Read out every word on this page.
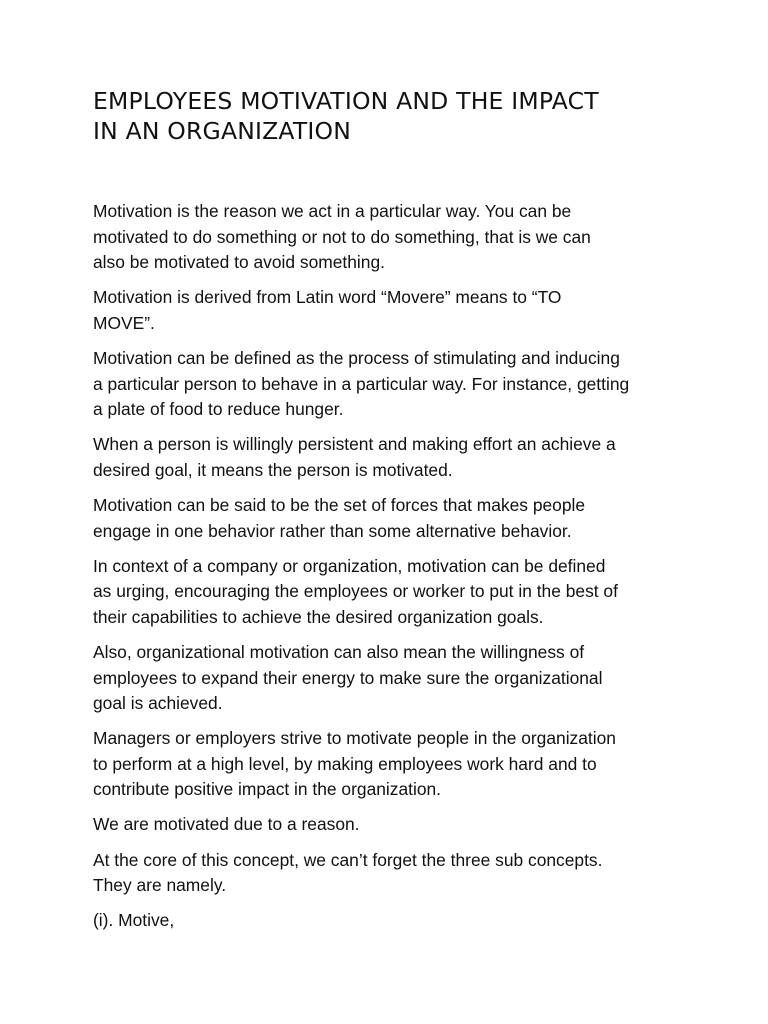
EMPLOYEES MOTIVATION AND THE IMPACT
IN AN ORGANIZATION

Motivation is the reason we act in a particular way. You can be
motivated to do something or not to do something, that is we can
also be motivated to avoid something.

Motivation is derived from Latin word “Movere” means to “TO
MOVE”.

Motivation can be defined as the process of stimulating and inducing
a particular person to behave in a particular way. For instance, getting
a plate of food to reduce hunger.

When a person is willingly persistent and making effort an achieve a
desired goal, it means the person is motivated.

Motivation can be said to be the set of forces that makes people
engage in one behavior rather than some alternative behavior.

In context of a company or organization, motivation can be defined
as urging, encouraging the employees or worker to put in the best of
their capabilities to achieve the desired organization goals.

Also, organizational motivation can also mean the willingness of
employees to expand their energy to make sure the organizational
goal is achieved.

Managers or employers strive to motivate people in the organization
to perform at a high level, by making employees work hard and to
contribute positive impact in the organization.

We are motivated due to a reason.

At the core of this concept, we can’t forget the three sub concepts.
They are namely.

(i). Motive,
